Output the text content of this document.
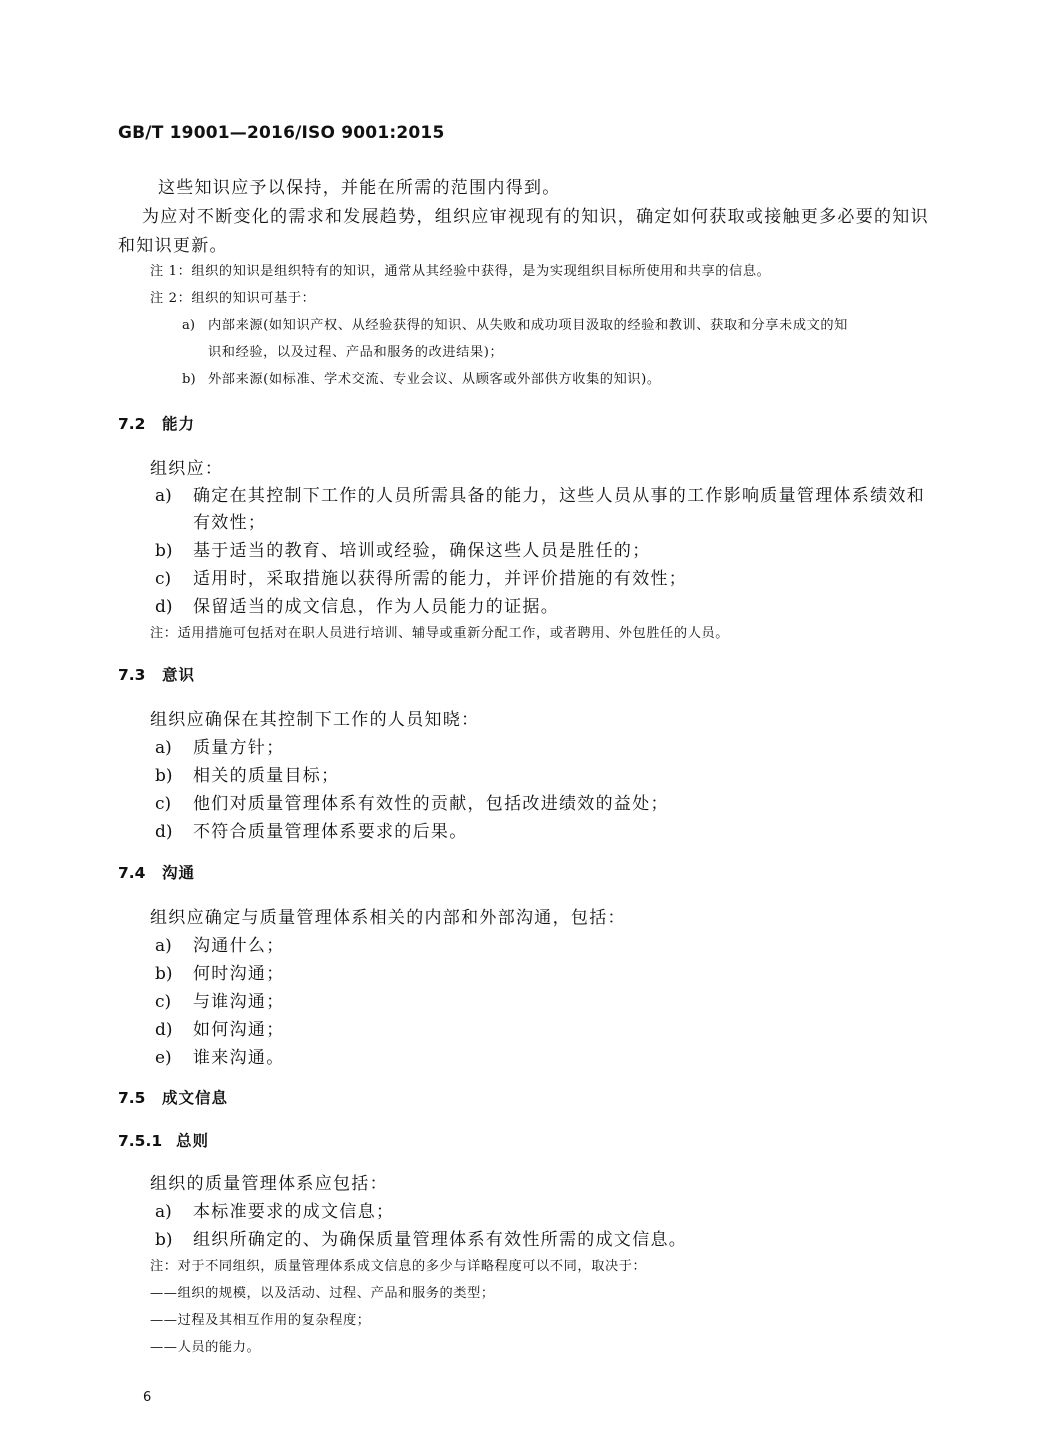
GB/T 19001—2016/ISO 9001:2015
这些知识应予以保持，并能在所需的范围内得到。
为应对不断变化的需求和发展趋势，组织应审视现有的知识，确定如何获取或接触更多必要的知识
和知识更新。
注 1：组织的知识是组织特有的知识，通常从其经验中获得，是为实现组织目标所使用和共享的信息。
注 2：组织的知识可基于：
a) 内部来源(如知识产权、从经验获得的知识、从失败和成功项目汲取的经验和教训、获取和分享未成文的知
识和经验，以及过程、产品和服务的改进结果)；
b) 外部来源(如标准、学术交流、专业会议、从顾客或外部供方收集的知识)。
7.2 能力
组织应：
a) 确定在其控制下工作的人员所需具备的能力，这些人员从事的工作影响质量管理体系绩效和
有效性；
b) 基于适当的教育、培训或经验，确保这些人员是胜任的；
c) 适用时，采取措施以获得所需的能力，并评价措施的有效性；
d) 保留适当的成文信息，作为人员能力的证据。
注：适用措施可包括对在职人员进行培训、辅导或重新分配工作，或者聘用、外包胜任的人员。
7.3 意识
组织应确保在其控制下工作的人员知晓：
a) 质量方针；
b) 相关的质量目标；
c) 他们对质量管理体系有效性的贡献，包括改进绩效的益处；
d) 不符合质量管理体系要求的后果。
7.4 沟通
组织应确定与质量管理体系相关的内部和外部沟通，包括：
a) 沟通什么；
b) 何时沟通；
c) 与谁沟通；
d) 如何沟通；
e) 谁来沟通。
7.5 成文信息
7.5.1 总则
组织的质量管理体系应包括：
a) 本标准要求的成文信息；
b) 组织所确定的、为确保质量管理体系有效性所需的成文信息。
注：对于不同组织，质量管理体系成文信息的多少与详略程度可以不同，取决于：
——组织的规模，以及活动、过程、产品和服务的类型；
——过程及其相互作用的复杂程度；
——人员的能力。
6
